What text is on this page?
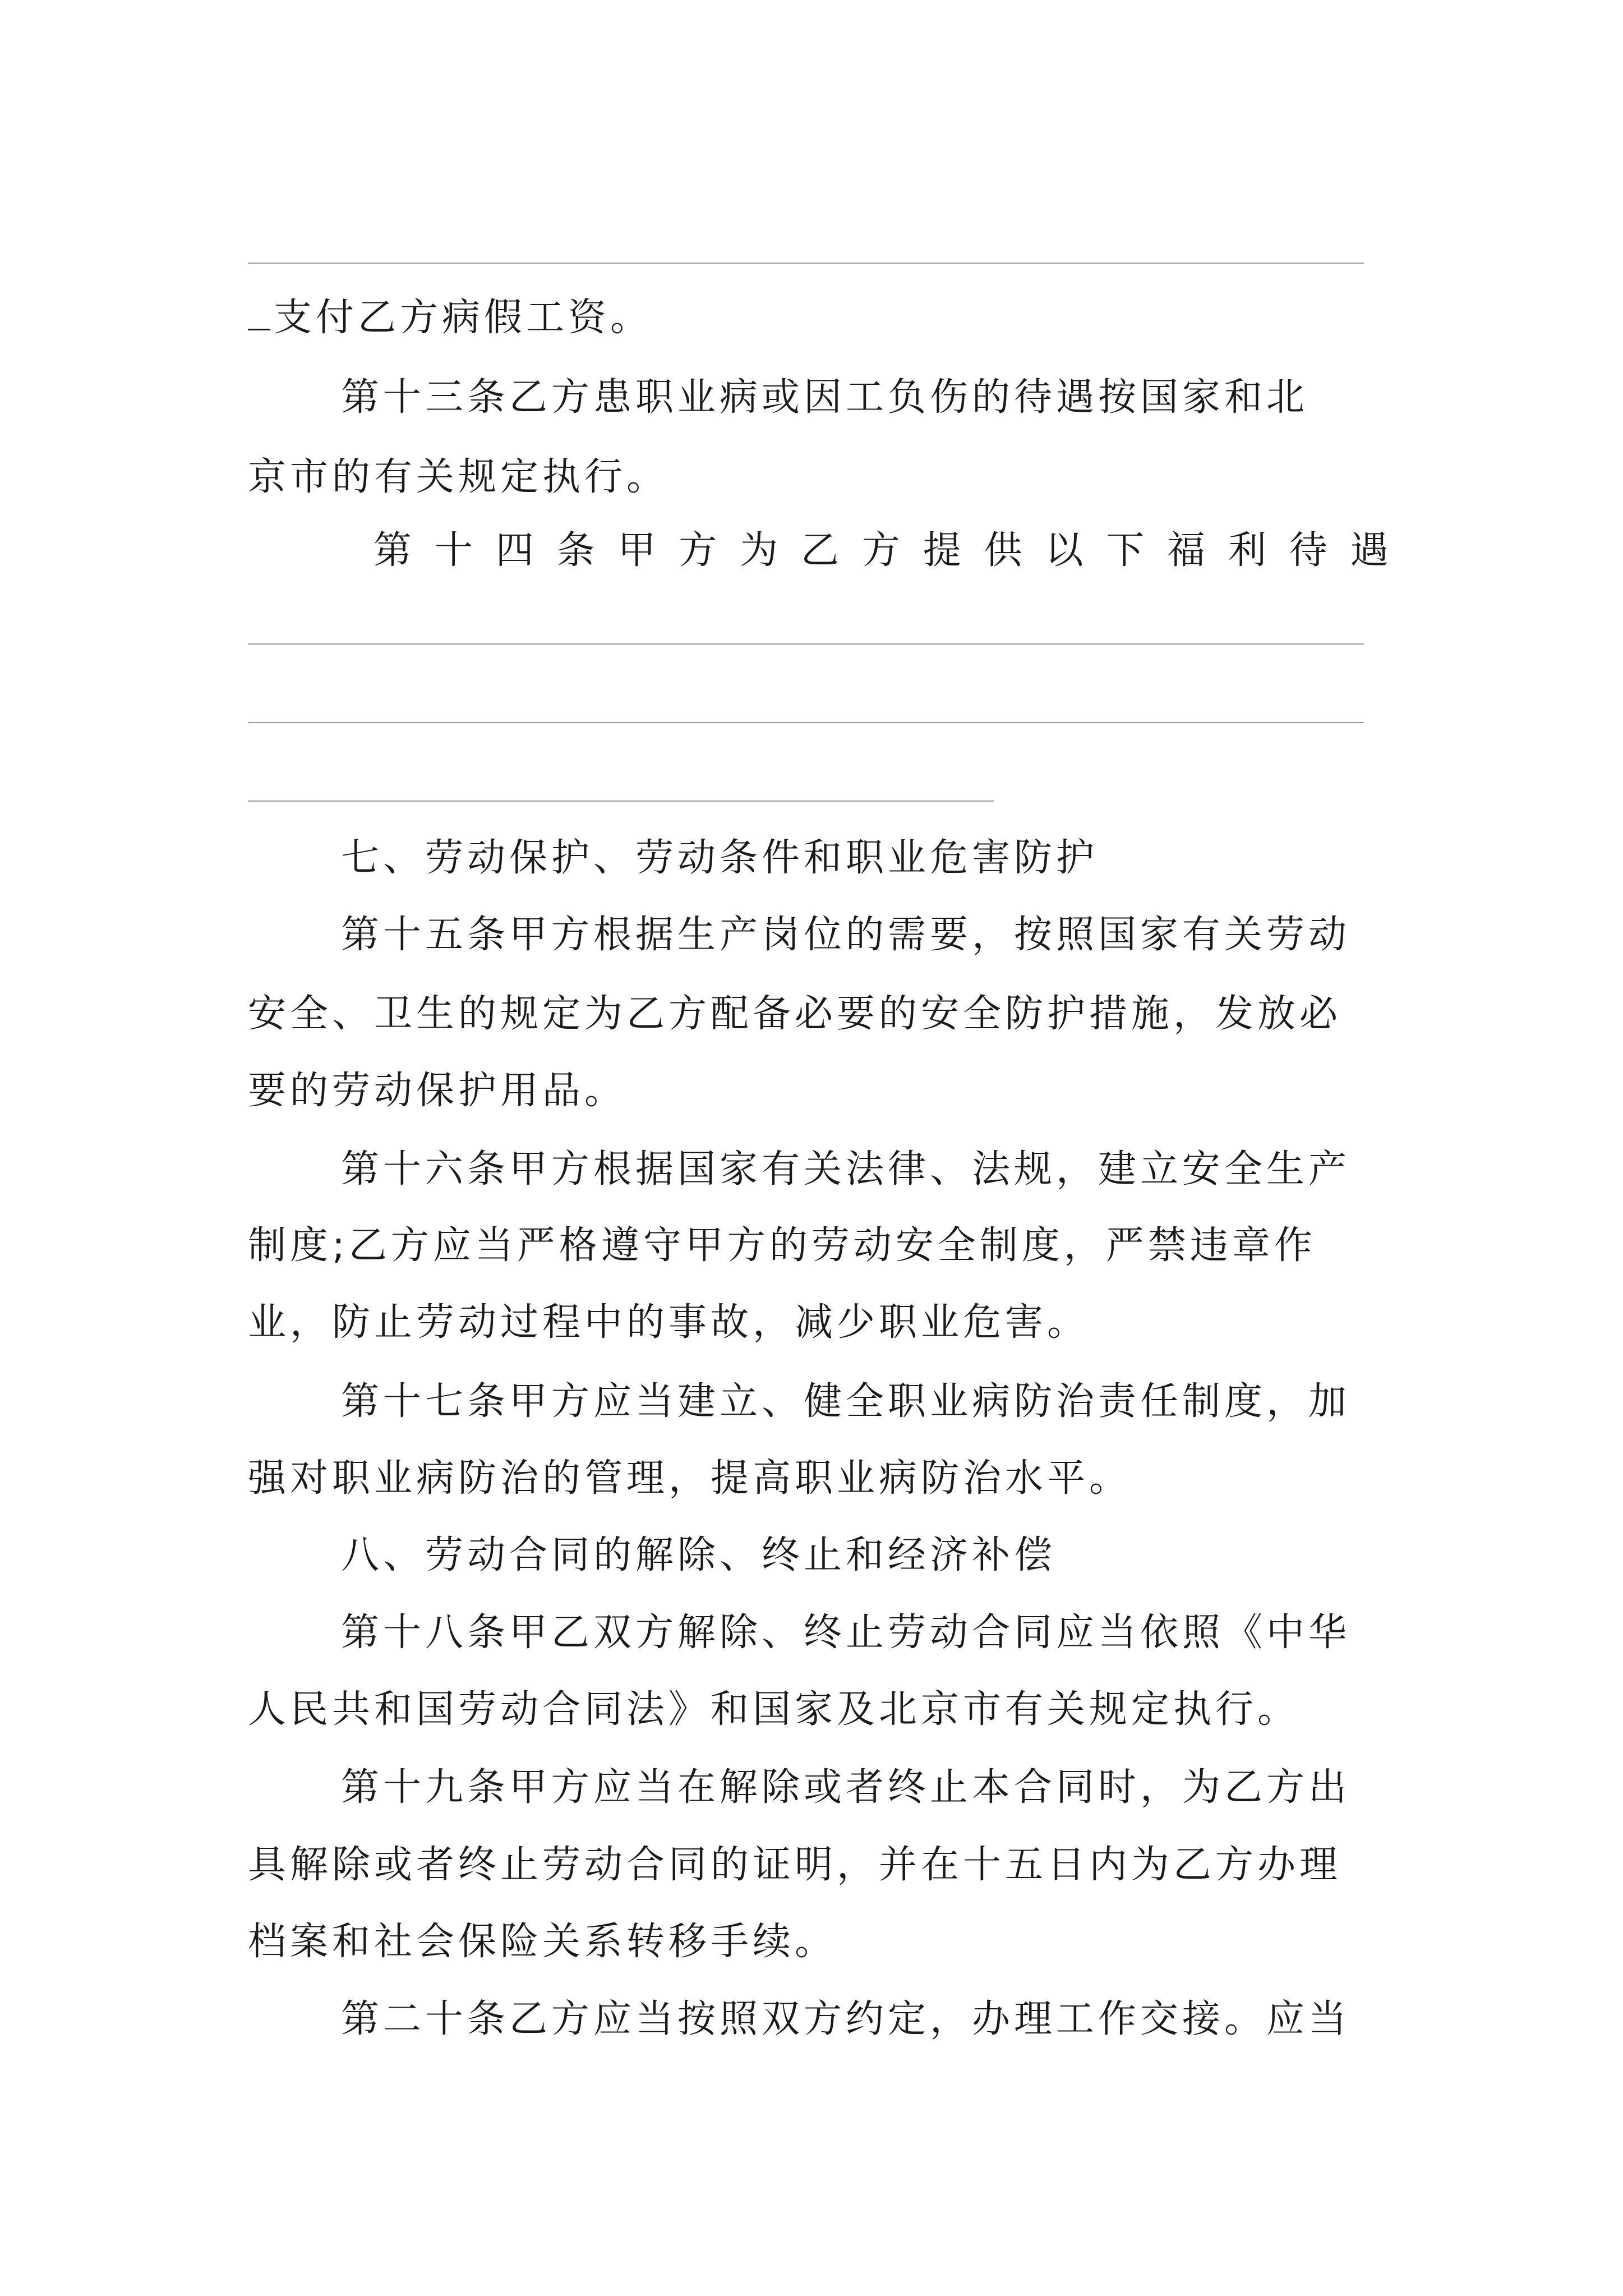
支付乙方病假工资。

第十三条乙方患职业病或因工负伤的待遇按国家和北

京市的有关规定执行。

第 十 四 条 甲 方 为 乙 方 提 供 以 下 福 利 待 遇

七、劳动保护、劳动条件和职业危害防护

第十五条甲方根据生产岗位的需要，按照国家有关劳动

安全、卫生的规定为乙方配备必要的安全防护措施，发放必

要的劳动保护用品。

第十六条甲方根据国家有关法律、法规，建立安全生产

制度;乙方应当严格遵守甲方的劳动安全制度，严禁违章作

业，防止劳动过程中的事故，减少职业危害。

第十七条甲方应当建立、健全职业病防治责任制度，加

强对职业病防治的管理，提高职业病防治水平。

八、劳动合同的解除、终止和经济补偿

第十八条甲乙双方解除、终止劳动合同应当依照《中华

人民共和国劳动合同法》和国家及北京市有关规定执行。

第十九条甲方应当在解除或者终止本合同时，为乙方出

具解除或者终止劳动合同的证明，并在十五日内为乙方办理

档案和社会保险关系转移手续。

第二十条乙方应当按照双方约定，办理工作交接。应当
